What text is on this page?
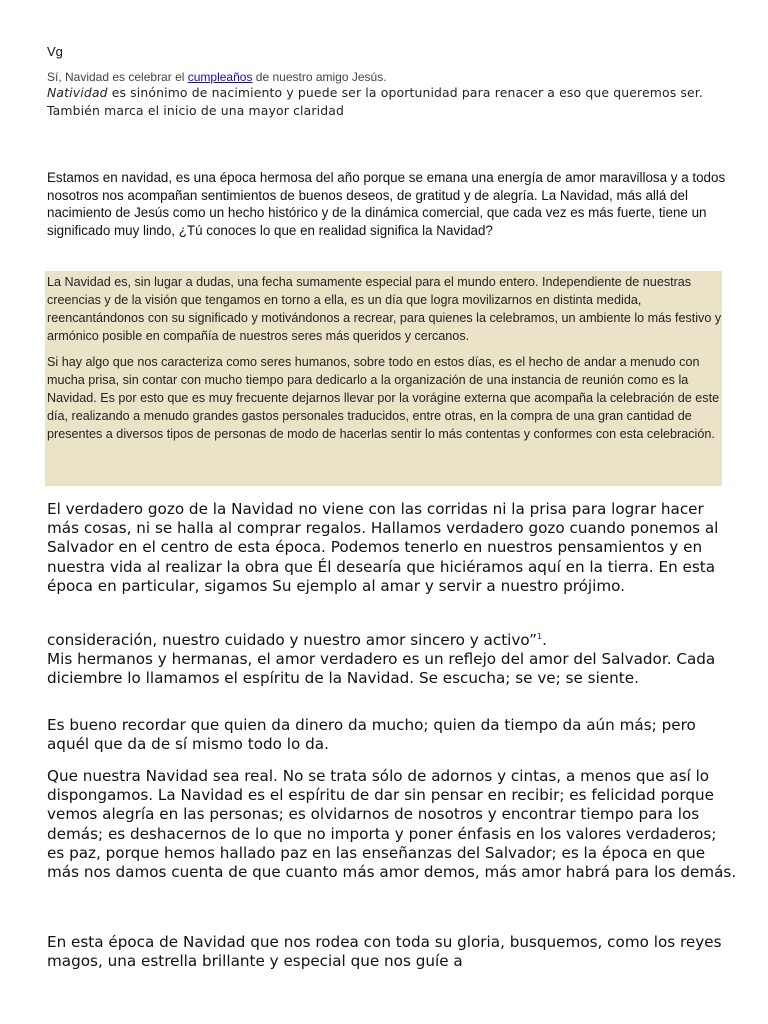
Vg
Sí, Navidad es celebrar el cumpleaños de nuestro amigo Jesús.
Natividad es sinónimo de nacimiento y puede ser la oportunidad para renacer a eso que queremos ser. También marca el inicio de una mayor claridad
Estamos en navidad, es una época hermosa del año porque se emana una energía de amor maravillosa y a todos nosotros nos acompañan sentimientos de buenos deseos, de gratitud y de alegría. La Navidad, más allá del nacimiento de Jesús como un hecho histórico y de la dinámica comercial, que cada vez es más fuerte, tiene un significado muy lindo, ¿Tú conoces lo que en realidad significa la Navidad?

La Navidad es, sin lugar a dudas, una fecha sumamente especial para el mundo entero. Independiente de nuestras creencias y de la visión que tengamos en torno a ella, es un día que logra movilizarnos en distinta medida, reencantándonos con su significado y motivándonos a recrear, para quienes la celebramos, un ambiente lo más festivo y armónico posible en compañía de nuestros seres más queridos y cercanos.

Si hay algo que nos caracteriza como seres humanos, sobre todo en estos días, es el hecho de andar a menudo con mucha prisa, sin contar con mucho tiempo para dedicarlo a la organización de una instancia de reunión como es la Navidad. Es por esto que es muy frecuente dejarnos llevar por la vorágine externa que acompaña la celebración de este día, realizando a menudo grandes gastos personales traducidos, entre otras, en la compra de una gran cantidad de presentes a diversos tipos de personas de modo de hacerlas sentir lo más contentas y conformes con esta celebración.

El verdadero gozo de la Navidad no viene con las corridas ni la prisa para lograr hacer más cosas, ni se halla al comprar regalos. Hallamos verdadero gozo cuando ponemos al Salvador en el centro de esta época. Podemos tenerlo en nuestros pensamientos y en nuestra vida al realizar la obra que Él desearía que hiciéramos aquí en la tierra. En esta época en particular, sigamos Su ejemplo al amar y servir a nuestro prójimo.

consideración, nuestro cuidado y nuestro amor sincero y activo”$^1$.

Mis hermanos y hermanas, el amor verdadero es un reflejo del amor del Salvador. Cada diciembre lo llamamos el espíritu de la Navidad. Se escucha; se ve; se siente.

Es bueno recordar que quien da dinero da mucho; quien da tiempo da aún más; pero aquél que da de sí mismo todo lo da.

Que nuestra Navidad sea real. No se trata sólo de adornos y cintas, a menos que así lo dispongamos. La Navidad es el espíritu de dar sin pensar en recibir; es felicidad porque vemos alegría en las personas; es olvidarnos de nosotros y encontrar tiempo para los demás; es deshacernos de lo que no importa y poner énfasis en los valores verdaderos; es paz, porque hemos hallado paz en las enseñanzas del Salvador; es la época en que más nos damos cuenta de que cuanto más amor demos, más amor habrá para los demás.

En esta época de Navidad que nos rodea con toda su gloria, busquemos, como los reyes magos, una estrella brillante y especial que nos guíe a
